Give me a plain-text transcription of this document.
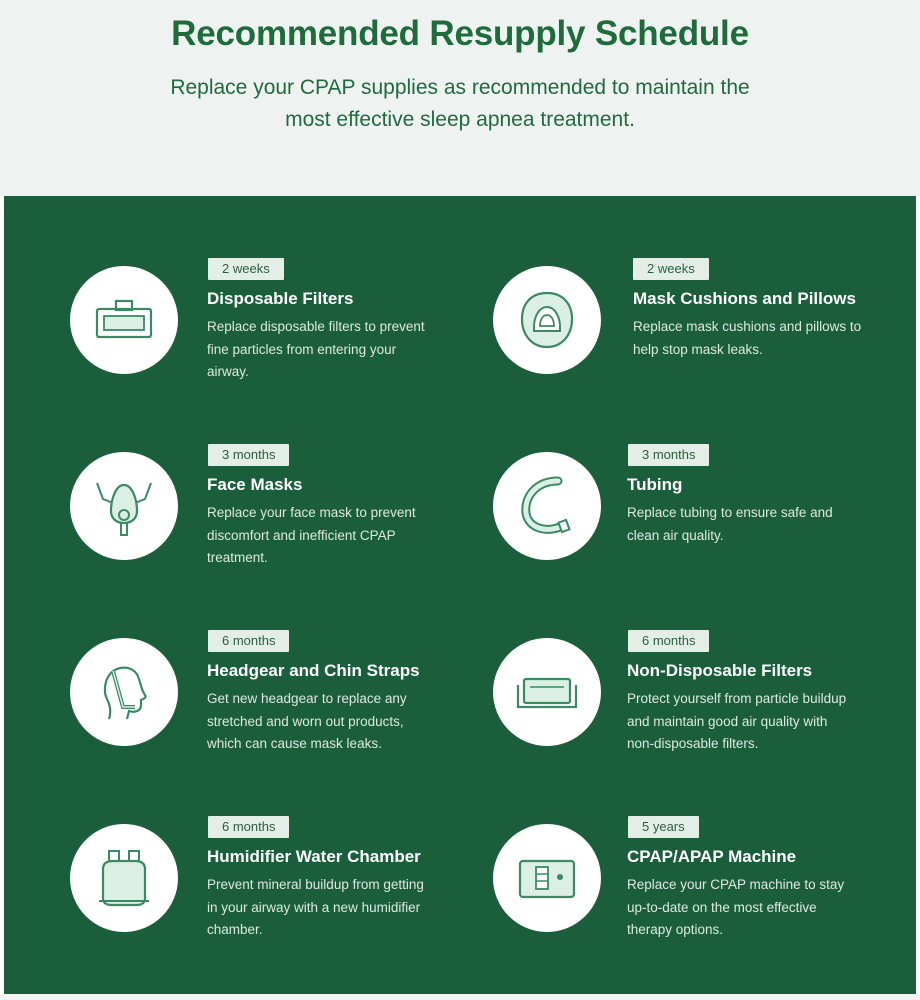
Recommended Resupply Schedule

Replace your CPAP supplies as recommended to maintain the most effective sleep apnea treatment.

2 weeks
Disposable Filters
Replace disposable filters to prevent fine particles from entering your airway.
2 weeks
Mask Cushions and Pillows
Replace mask cushions and pillows to help stop mask leaks.
3 months
Face Masks
Replace your face mask to prevent discomfort and inefficient CPAP treatment.
3 months
Tubing
Replace tubing to ensure safe and clean air quality.
6 months
Headgear and Chin Straps
Get new headgear to replace any stretched and worn out products, which can cause mask leaks.
6 months
Non-Disposable Filters
Protect yourself from particle buildup and maintain good air quality with non-disposable filters.
6 months
Humidifier Water Chamber
Prevent mineral buildup from getting in your airway with a new humidifier chamber.
5 years
CPAP/APAP Machine
Replace your CPAP machine to stay up-to-date on the most effective therapy options.
